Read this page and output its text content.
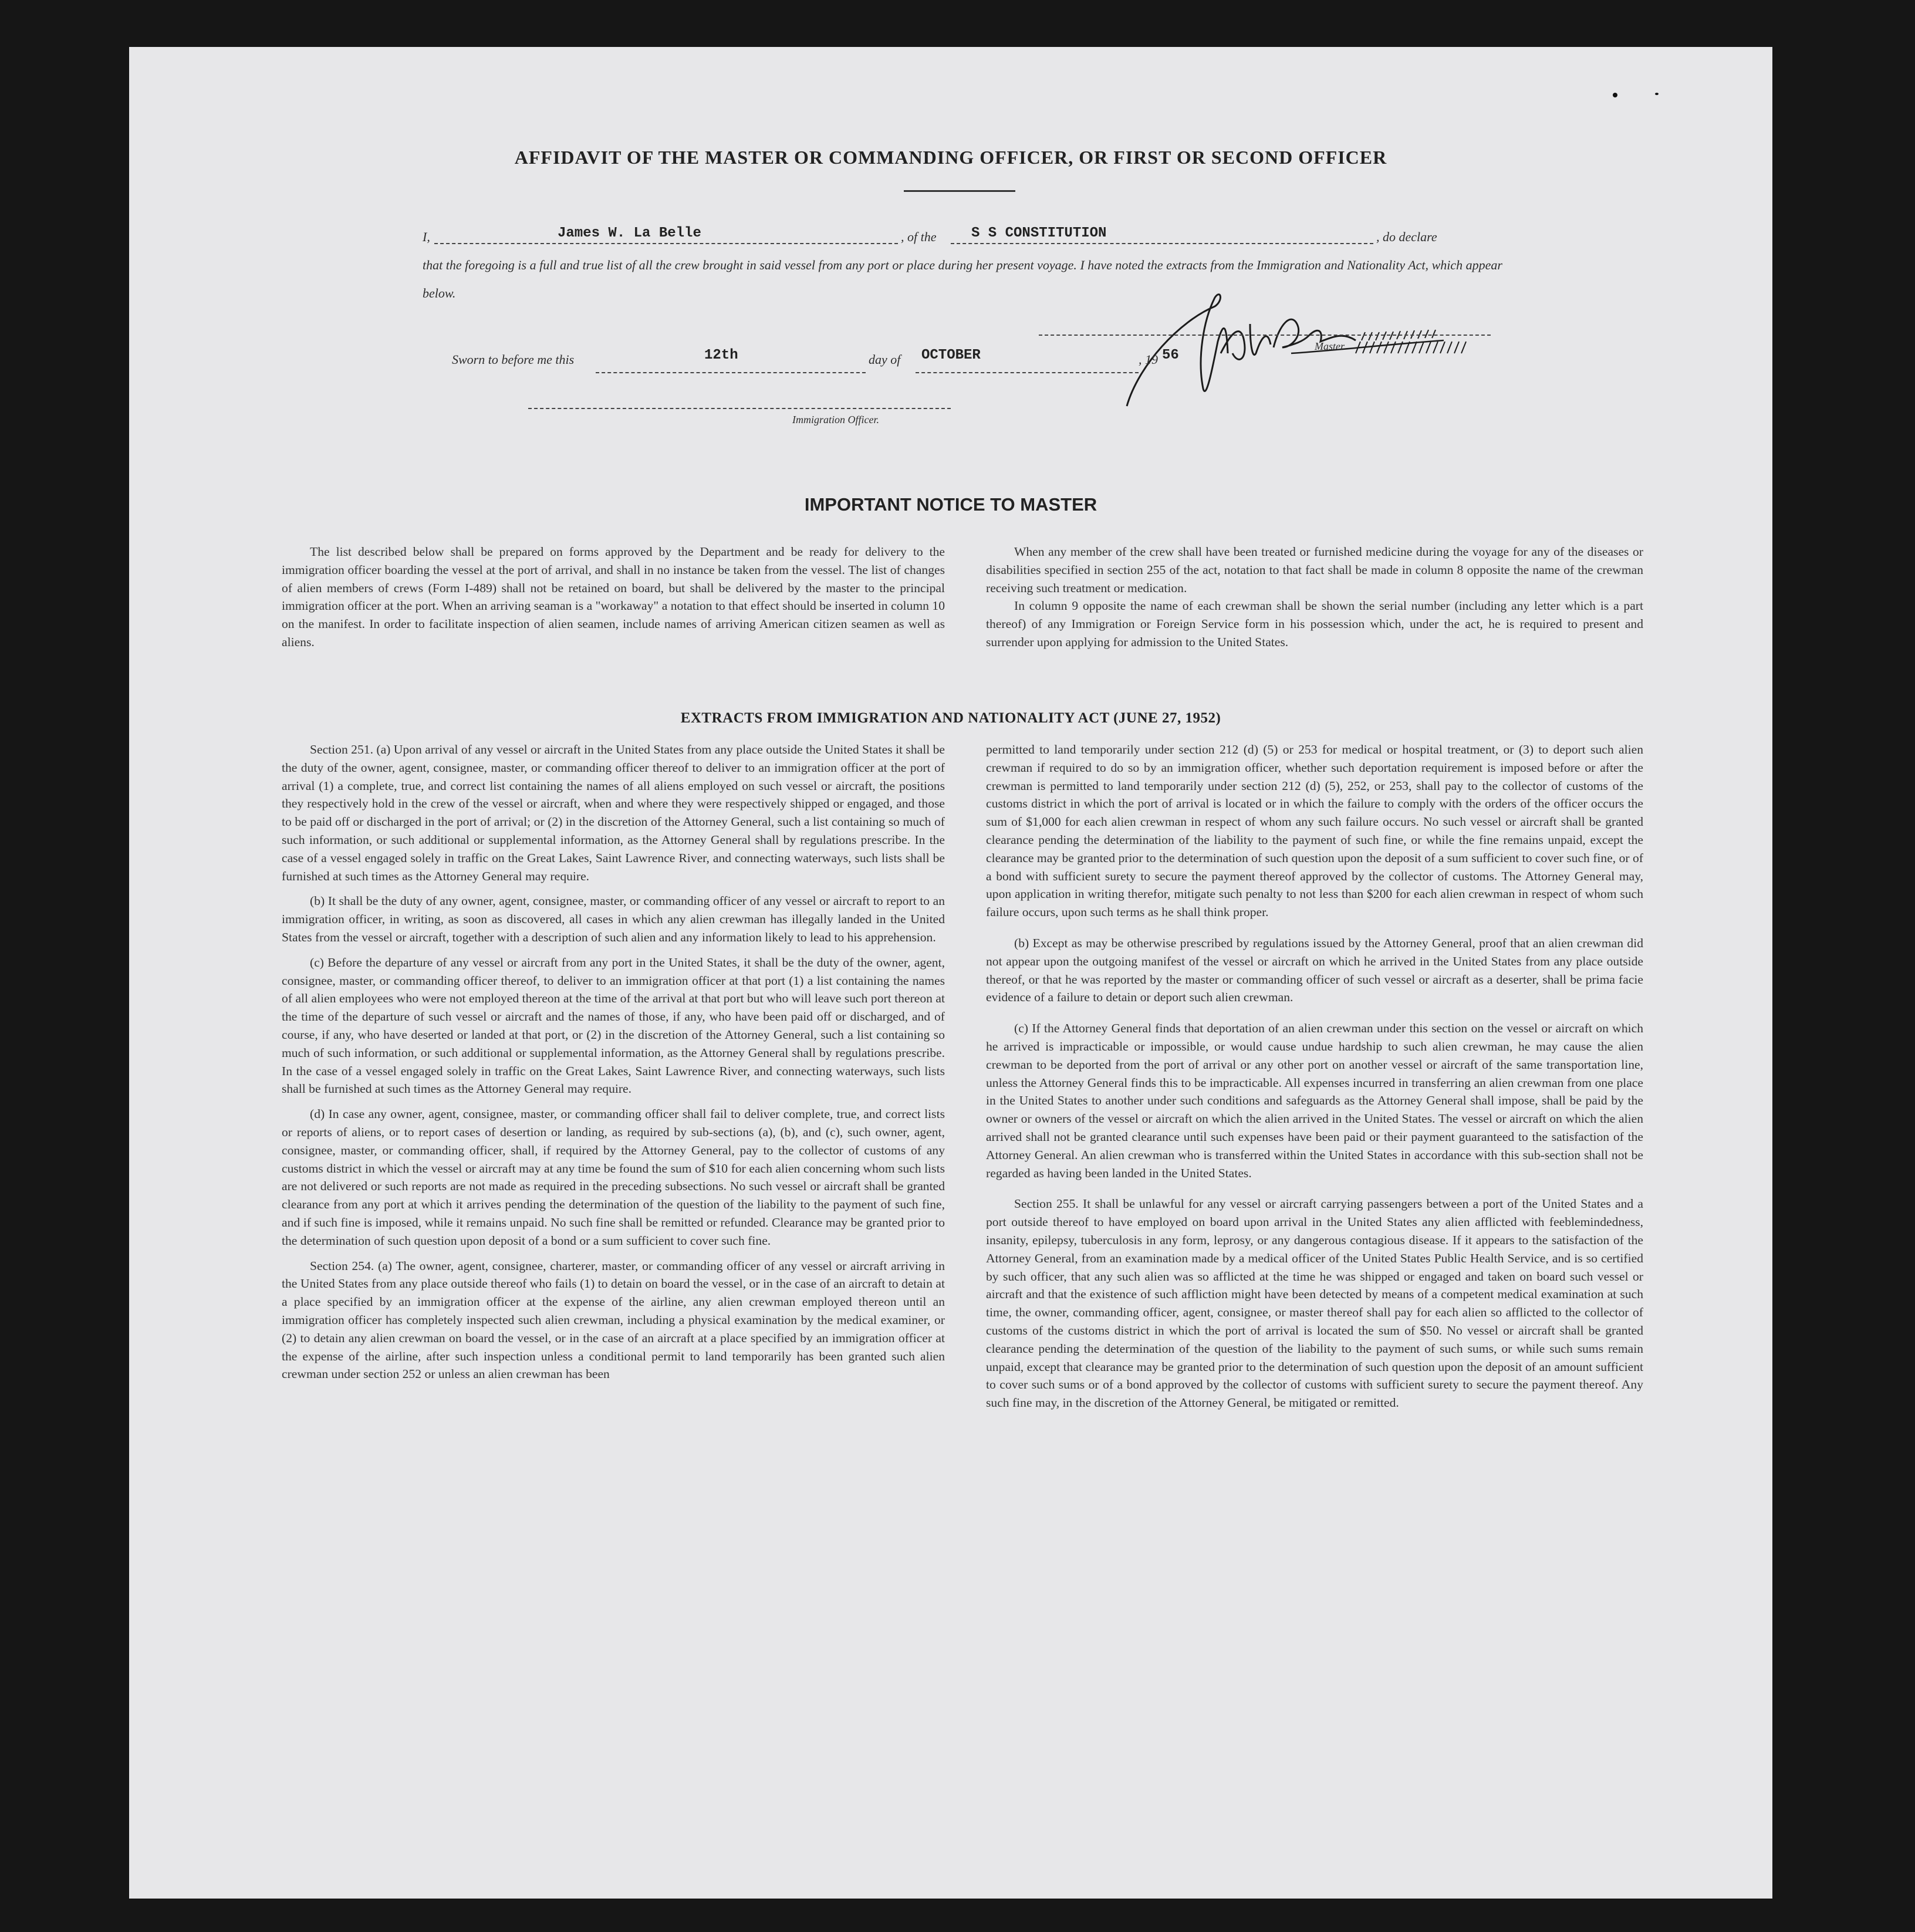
AFFIDAVIT OF THE MASTER OR COMMANDING OFFICER, OR FIRST OR SECOND OFFICER
I,	James W. La Belle	, of the S S CONSTITUTION	, do declare
that the foregoing is a full and true list of all the crew brought in said vessel from any port or place during her present voyage. I have noted the extracts from the Immigration and Nationality Act, which appear below.
Master
Sworn to before me this	12th	day of OCTOBER	, 19 56
Immigration Officer.
IMPORTANT NOTICE TO MASTER

The list described below shall be prepared on forms approved by the Department and be ready for delivery to the immigration officer boarding the vessel at the port of arrival, and shall in no instance be taken from the vessel. The list of changes of alien members of crews (Form I-489) shall not be retained on board, but shall be delivered by the master to the principal immigration officer at the port. When an arriving seaman is a "workaway" a notation to that effect should be inserted in column 10 on the manifest. In order to facilitate inspection of alien seamen, include names of arriving American citizen seamen as well as aliens.

When any member of the crew shall have been treated or furnished medicine during the voyage for any of the diseases or disabilities specified in section 255 of the act, notation to that fact shall be made in column 8 opposite the name of the crewman receiving such treatment or medication.

In column 9 opposite the name of each crewman shall be shown the serial number (including any letter which is a part thereof) of any Immigration or Foreign Service form in his possession which, under the act, he is required to present and surrender upon applying for admission to the United States.

EXTRACTS FROM IMMIGRATION AND NATIONALITY ACT (JUNE 27, 1952)

Section 251. (a) Upon arrival of any vessel or aircraft in the United States from any place outside the United States it shall be the duty of the owner, agent, consignee, master, or commanding officer thereof to deliver to an immigration officer at the port of arrival (1) a complete, true, and correct list containing the names of all aliens employed on such vessel or aircraft, the positions they respectively hold in the crew of the vessel or aircraft, when and where they were respectively shipped or engaged, and those to be paid off or discharged in the port of arrival; or (2) in the discretion of the Attorney General, such a list containing so much of such information, or such additional or supplemental information, as the Attorney General shall by regulations prescribe. In the case of a vessel engaged solely in traffic on the Great Lakes, Saint Lawrence River, and connecting waterways, such lists shall be furnished at such times as the Attorney General may require.

(b) It shall be the duty of any owner, agent, consignee, master, or commanding officer of any vessel or aircraft to report to an immigration officer, in writing, as soon as discovered, all cases in which any alien crewman has illegally landed in the United States from the vessel or aircraft, together with a description of such alien and any information likely to lead to his apprehension.

(c) Before the departure of any vessel or aircraft from any port in the United States, it shall be the duty of the owner, agent, consignee, master, or commanding officer thereof, to deliver to an immigration officer at that port (1) a list containing the names of all alien employees who were not employed thereon at the time of the arrival at that port but who will leave such port thereon at the time of the departure of such vessel or aircraft and the names of those, if any, who have been paid off or discharged, and of course, if any, who have deserted or landed at that port, or (2) in the discretion of the Attorney General, such a list containing so much of such information, or such additional or supplemental information, as the Attorney General shall by regulations prescribe. In the case of a vessel engaged solely in traffic on the Great Lakes, Saint Lawrence River, and connecting waterways, such lists shall be furnished at such times as the Attorney General may require.

(d) In case any owner, agent, consignee, master, or commanding officer shall fail to deliver complete, true, and correct lists or reports of aliens, or to report cases of desertion or landing, as required by sub-sections (a), (b), and (c), such owner, agent, consignee, master, or commanding officer, shall, if required by the Attorney General, pay to the collector of customs of any customs district in which the vessel or aircraft may at any time be found the sum of $10 for each alien concerning whom such lists are not delivered or such reports are not made as required in the preceding subsections. No such vessel or aircraft shall be granted clearance from any port at which it arrives pending the determination of the question of the liability to the payment of such fine, and if such fine is imposed, while it remains unpaid. No such fine shall be remitted or refunded. Clearance may be granted prior to the determination of such question upon deposit of a bond or a sum sufficient to cover such fine.

Section 254. (a) The owner, agent, consignee, charterer, master, or commanding officer of any vessel or aircraft arriving in the United States from any place outside thereof who fails (1) to detain on board the vessel, or in the case of an aircraft to detain at a place specified by an immigration officer at the expense of the airline, any alien crewman employed thereon until an immigration officer has completely inspected such alien crewman, including a physical examination by the medical examiner, or (2) to detain any alien crewman on board the vessel, or in the case of an aircraft at a place specified by an immigration officer at the expense of the airline, after such inspection unless a conditional permit to land temporarily has been granted such alien crewman under section 252 or unless an alien crewman has been

permitted to land temporarily under section 212 (d) (5) or 253 for medical or hospital treatment, or (3) to deport such alien crewman if required to do so by an immigration officer, whether such deportation requirement is imposed before or after the crewman is permitted to land temporarily under section 212 (d) (5), 252, or 253, shall pay to the collector of customs of the customs district in which the port of arrival is located or in which the failure to comply with the orders of the officer occurs the sum of $1,000 for each alien crewman in respect of whom any such failure occurs. No such vessel or aircraft shall be granted clearance pending the determination of the liability to the payment of such fine, or while the fine remains unpaid, except the clearance may be granted prior to the determination of such question upon the deposit of a sum sufficient to cover such fine, or of a bond with sufficient surety to secure the payment thereof approved by the collector of customs. The Attorney General may, upon application in writing therefor, mitigate such penalty to not less than $200 for each alien crewman in respect of whom such failure occurs, upon such terms as he shall think proper.

(b) Except as may be otherwise prescribed by regulations issued by the Attorney General, proof that an alien crewman did not appear upon the outgoing manifest of the vessel or aircraft on which he arrived in the United States from any place outside thereof, or that he was reported by the master or commanding officer of such vessel or aircraft as a deserter, shall be prima facie evidence of a failure to detain or deport such alien crewman.

(c) If the Attorney General finds that deportation of an alien crewman under this section on the vessel or aircraft on which he arrived is impracticable or impossible, or would cause undue hardship to such alien crewman, he may cause the alien crewman to be deported from the port of arrival or any other port on another vessel or aircraft of the same transportation line, unless the Attorney General finds this to be impracticable. All expenses incurred in transferring an alien crewman from one place in the United States to another under such conditions and safeguards as the Attorney General shall impose, shall be paid by the owner or owners of the vessel or aircraft on which the alien arrived in the United States. The vessel or aircraft on which the alien arrived shall not be granted clearance until such expenses have been paid or their payment guaranteed to the satisfaction of the Attorney General. An alien crewman who is transferred within the United States in accordance with this sub-section shall not be regarded as having been landed in the United States.

Section 255. It shall be unlawful for any vessel or aircraft carrying passengers between a port of the United States and a port outside thereof to have employed on board upon arrival in the United States any alien afflicted with feeblemindedness, insanity, epilepsy, tuberculosis in any form, leprosy, or any dangerous contagious disease. If it appears to the satisfaction of the Attorney General, from an examination made by a medical officer of the United States Public Health Service, and is so certified by such officer, that any such alien was so afflicted at the time he was shipped or engaged and taken on board such vessel or aircraft and that the existence of such affliction might have been detected by means of a competent medical examination at such time, the owner, commanding officer, agent, consignee, or master thereof shall pay for each alien so afflicted to the collector of customs of the customs district in which the port of arrival is located the sum of $50. No vessel or aircraft shall be granted clearance pending the determination of the question of the liability to the payment of such sums, or while such sums remain unpaid, except that clearance may be granted prior to the determination of such question upon the deposit of an amount sufficient to cover such sums or of a bond approved by the collector of customs with sufficient surety to secure the payment thereof. Any such fine may, in the discretion of the Attorney General, be mitigated or remitted.
